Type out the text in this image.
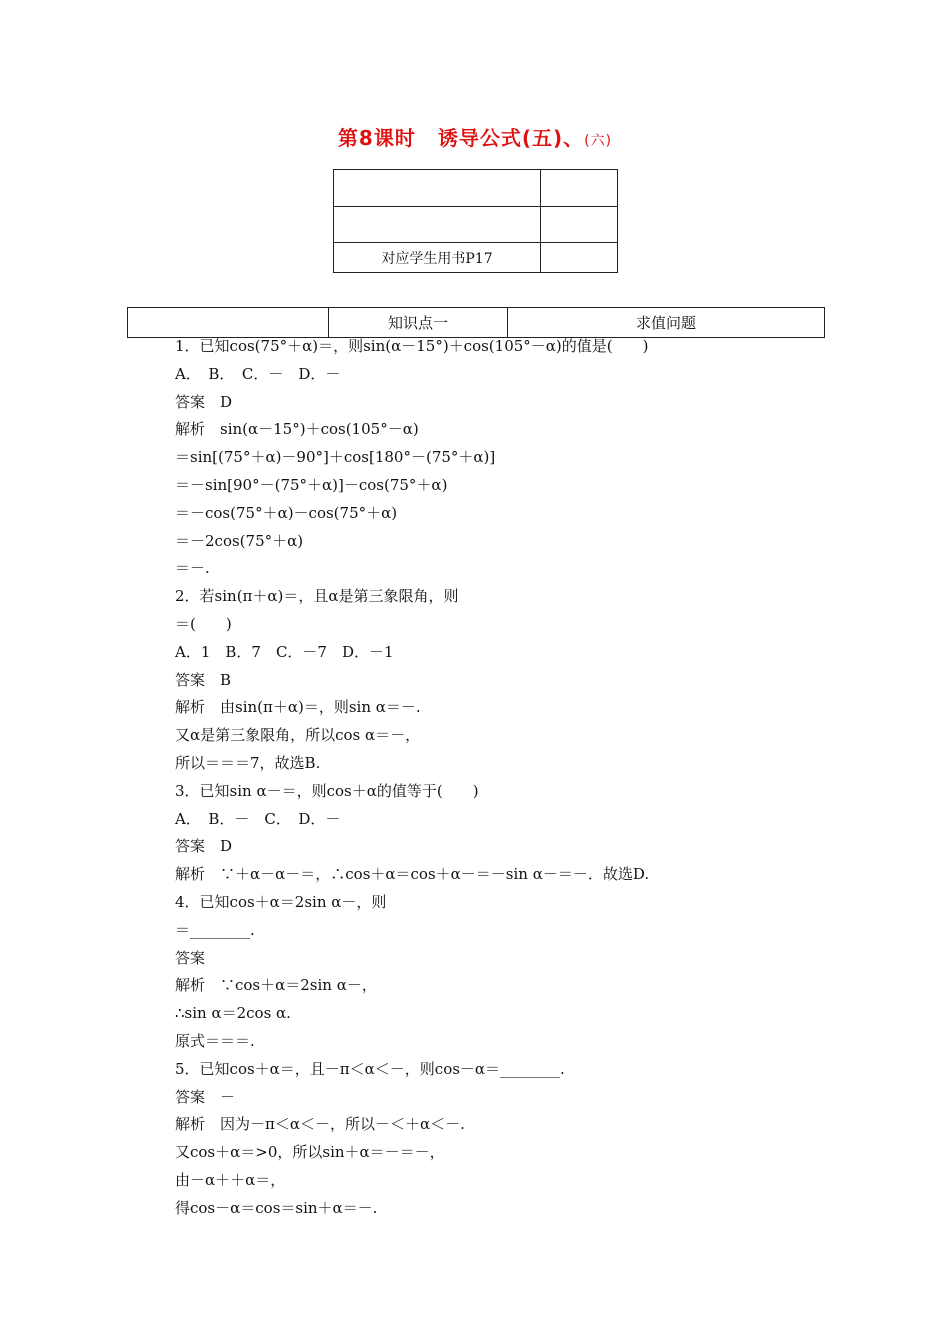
第8课时 诱导公式(五)、(六)

对应学生用书P17	
	知识点一	求值问题
1．已知cos(75°＋α)＝，则sin(α－15°)＋cos(105°－α)的值是(　　)
A．　B．　C．－　D．－
答案　D
解析　sin(α－15°)＋cos(105°－α)
＝sin[(75°＋α)－90°]＋cos[180°－(75°＋α)]
＝－sin[90°－(75°＋α)]－cos(75°＋α)
＝－cos(75°＋α)－cos(75°＋α)
＝－2cos(75°＋α)
＝－.
2．若sin(π＋α)＝，且α是第三象限角，则
＝(　　)
A．1　B．7　C．－7　D．－1
答案　B
解析　由sin(π＋α)＝，则sin α＝－.
又α是第三象限角，所以cos α＝－，
所以＝＝＝7，故选B.
3．已知sin α－＝，则cos＋α的值等于(　　)
A．　B．－　C．　D．－
答案　D
解析　∵＋α－α－＝，∴cos＋α＝cos＋α－＝－sin α－＝－．故选D.
4．已知cos＋α＝2sin α－，则
＝________.
答案
解析　∵cos＋α＝2sin α－，
∴sin α＝2cos α.
原式＝＝＝.
5．已知cos＋α＝，且－π＜α＜－，则cos－α＝________.
答案　－
解析　因为－π＜α＜－，所以－＜＋α＜－.
又cos＋α＝>0，所以sin＋α＝－＝－，
由－α＋＋α＝，
得cos－α＝cos＝sin＋α＝－.
